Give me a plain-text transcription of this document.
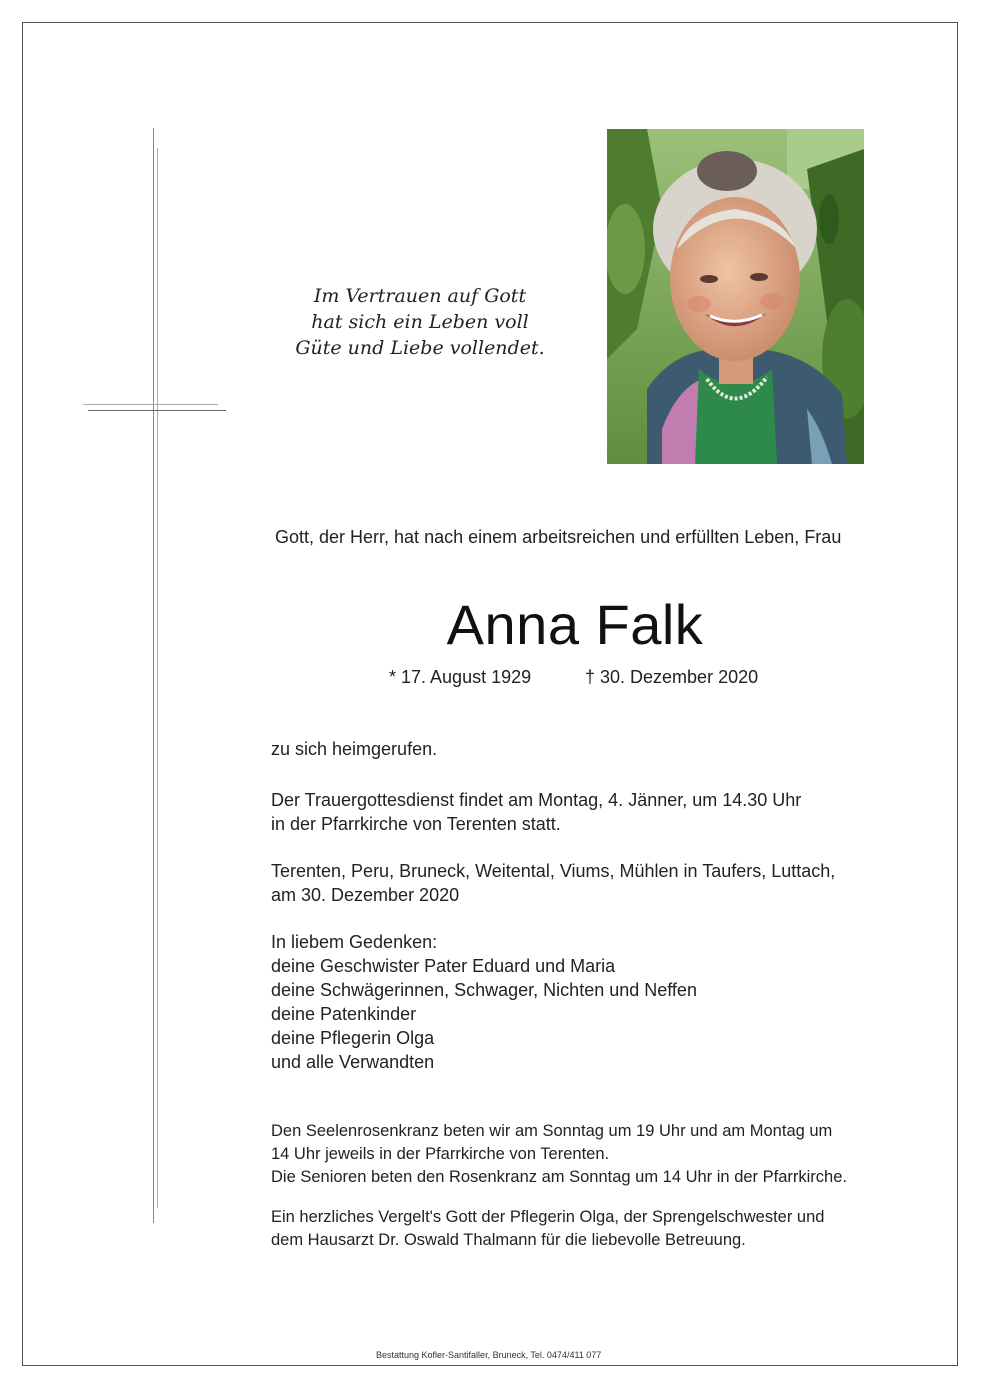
Im Vertrauen auf Gott
hat sich ein Leben voll
Güte und Liebe vollendet.
Gott, der Herr, hat nach einem arbeitsreichen und erfüllten Leben, Frau
Anna Falk
* 17. August 1929	† 30. Dezember 2020
zu sich heimgerufen.
Der Trauergottesdienst findet am Montag, 4. Jänner, um 14.30 Uhr
in der Pfarrkirche von Terenten statt.
Terenten, Peru, Bruneck, Weitental, Viums, Mühlen in Taufers, Luttach,
am 30. Dezember 2020
In liebem Gedenken:
deine Geschwister Pater Eduard und Maria
deine Schwägerinnen, Schwager, Nichten und Neffen
deine Patenkinder
deine Pflegerin Olga
und alle Verwandten
Den Seelenrosenkranz beten wir am Sonntag um 19 Uhr und am Montag um
14 Uhr jeweils in der Pfarrkirche von Terenten.
Die Senioren beten den Rosenkranz am Sonntag um 14 Uhr in der Pfarrkirche.
Ein herzliches Vergelt's Gott der Pflegerin Olga, der Sprengelschwester und
dem Hausarzt Dr. Oswald Thalmann für die liebevolle Betreuung.
Bestattung Kofler-Santifaller, Bruneck, Tel. 0474/411 077
